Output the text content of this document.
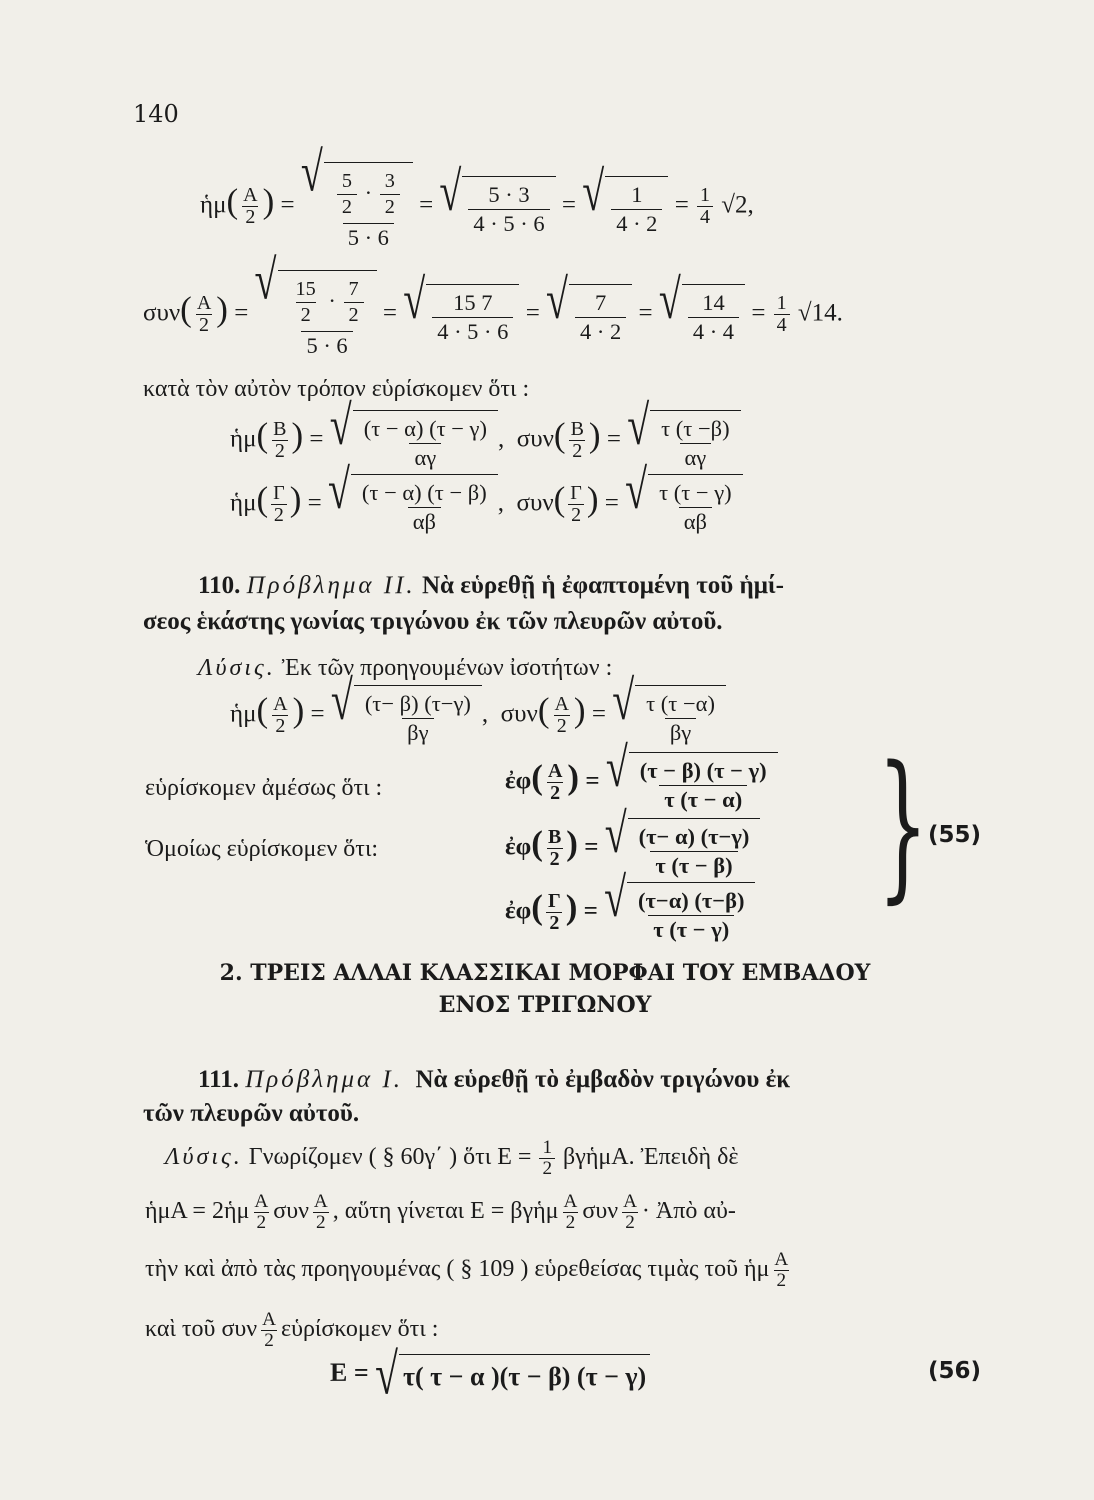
140
ἡμ( $\frac{A}{2}$ ) =
√ $\frac{\frac{5}{2} \cdot \frac{3}{2}}{5 \cdot 6}$ = √ $\frac{5 \cdot 3}{4 \cdot 5 \cdot 6}$ = √ $\frac{1}{4 \cdot 2} = \frac{1}{4} √2$,
$\sigma\upsilon\nu( \frac{A}{2}$ ) =
√ $\frac{\frac{15}{2} \cdot \frac{7}{2}}{5 \cdot 6}$ = √ $\frac{15 7}{4 \cdot 5 \cdot 6}$ = √ $\frac{7}{4 \cdot 2}$ = √ $\frac{14}{4 \cdot 4} = \frac{1}{4} √14$.
κατὰ τὸν αὐτὸν τρόπον εὑρίσκομεν ὅτι :
ἡμ( $\frac{B}{2}$ ) = √ $\frac{(\tau - \alpha) (\tau - \gamma)}{\alpha\gamma}$ ,  $\sigma\upsilon\nu( \frac{B}{2}$ ) = √ $\frac{\tau (\tau -\beta)}{\alpha\gamma}$
ἡμ( $\frac{\Gamma}{2}$ ) = √ $\frac{(\tau - \alpha) (\tau - \beta)}{\alpha\beta}$ ,  $\sigma\upsilon\nu( \frac{\Gamma}{2}$ ) = √ $\frac{\tau (\tau - \gamma)}{\alpha\beta}$
110. Πρόβλημα ΙΙ. Νὰ εὑρεθῇ ἡ ἐφαπτομένη τοῦ ἡμί-
σεος ἑκάστης γωνίας τριγώνου ἐκ τῶν πλευρῶν αὐτοῦ.
Λύσις. Ἐκ τῶν προηγουμένων ἰσοτήτων :
ἡμ( $\frac{A}{2}$ ) = √ $\frac{(\tau- \beta) (\tau-\gamma)}{\beta\gamma}$ ,  $\sigma\upsilon\nu( \frac{A}{2}$ ) = √ $\frac{\tau (\tau -\alpha)}{\beta\gamma}$
εὑρίσκομεν ἀμέσως ὅτι :
Ὁμοίως εὑρίσκομεν ὅτι:
ἐφ( $\frac{A}{2}$ ) = √ $\frac{(\tau - \beta) (\tau - \gamma)}{\tau (\tau - \alpha)}$
ἐφ( $\frac{B}{2}$ ) = √ $\frac{(\tau- \alpha) (\tau-\gamma)}{\tau (\tau - \beta)}$
ἐφ( $\frac{\Gamma}{2}$ ) = √ $\frac{(\tau-\alpha) (\tau-\beta)}{\tau (\tau - \gamma)}$ } (55)
2. ΤΡΕΙΣ ΑΛΛΑΙ ΚΛΑΣΣΙΚΑΙ ΜΟΡΦΑΙ ΤΟΥ ΕΜΒΑΔΟΥ
ΕΝΟΣ ΤΡΙΓΩΝΟΥ
111. Πρόβλημα Ι. Νὰ εὑρεθῇ τὸ ἐμβαδὸν τριγώνου ἐκ
τῶν πλευρῶν αὐτοῦ.
Λύσις. Γνωρίζομεν ( § 60γ΄ ) ὅτι $E = \frac{1}{2}$ βγἡμΑ. Ἐπειδὴ δὲ
ἡμΑ = 2ἡμ $\frac{A}{2}$ συν $\frac{A}{2}$ , αὕτη γίνεται Ε = βγἡμ $\frac{A}{2}$ συν $\frac{A}{2}$ · Ἀπὸ αὐ-
τὴν καὶ ἀπὸ τὰς προηγουμένας ( § 109 ) εὑρεθείσας τιμὰς τοῦ ἡμ $\frac{A}{2}$
καὶ τοῦ συν $\frac{A}{2}$ εὑρίσκομεν ὅτι :
Ε = √ τ( τ − α )(τ − β) (τ − γ)	(56)
